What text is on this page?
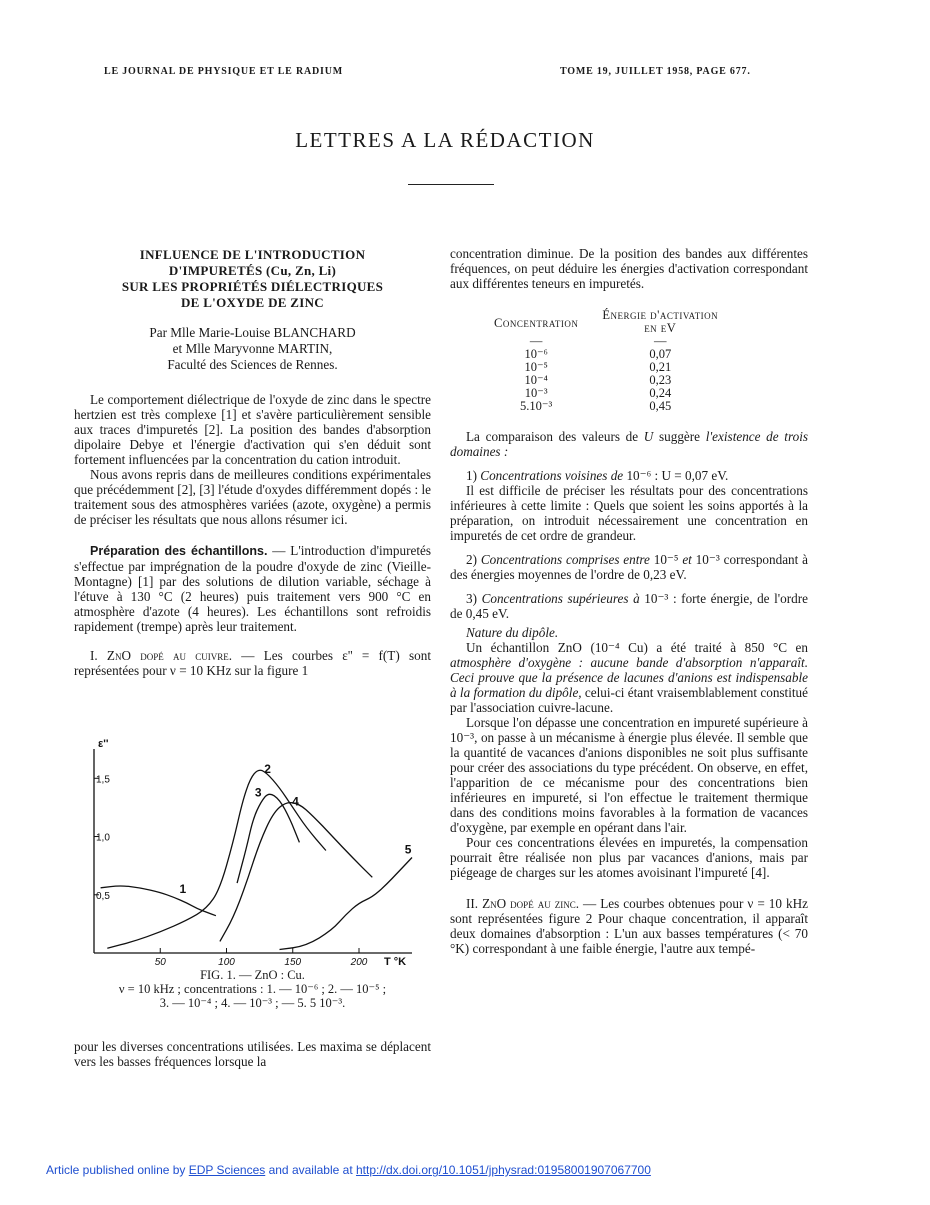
LE JOURNAL DE PHYSIQUE ET LE RADIUM	TOME 19, JUILLET 1958, PAGE 677.
LETTRES A LA RÉDACTION
INFLUENCE DE L'INTRODUCTION
D'IMPURETÉS (Cu, Zn, Li)
SUR LES PROPRIÉTÉS DIÉLECTRIQUES
DE L'OXYDE DE ZINC
Par Mlle Marie-Louise BLANCHARD
et Mlle Maryvonne MARTIN,
Faculté des Sciences de Rennes.

Le comportement diélectrique de l'oxyde de zinc dans le spectre hertzien est très complexe [1] et s'avère particulièrement sensible aux traces d'impuretés [2]. La position des bandes d'absorption dipolaire Debye et l'énergie d'activation qui s'en déduit sont fortement influencées par la concentration du cation introduit.

Nous avons repris dans de meilleures conditions expérimentales que précédemment [2], [3] l'étude d'oxydes différemment dopés : le traitement sous des atmosphères variées (azote, oxygène) a permis de préciser les résultats que nous allons résumer ici.

Préparation des échantillons. — L'introduction d'impuretés s'effectue par imprégnation de la poudre d'oxyde de zinc (Vieille-Montagne) [1] par des solutions de dilution variable, séchage à l'étuve à 130 °C (2 heures) puis traitement vers 900 °C en atmosphère d'azote (4 heures). Les échantillons sont refroidis rapidement (trempe) après leur traitement.

I. ZnO dopé au cuivre. — Les courbes ε'' = f(T) sont représentées pour ν = 10 KHz sur la figure 1

50	100	150	200
0,5
1,0
1,5
ε''
T °K
1
2
3
4
5
FIG. 1. — ZnO : Cu.
ν = 10 kHz ; concentrations : 1. — 10⁻⁶ ; 2. — 10⁻⁵ ;
3. — 10⁻⁴ ; 4. — 10⁻³ ; — 5. 5 10⁻³.

pour les diverses concentrations utilisées. Les maxima se déplacent vers les basses fréquences lorsque la

concentration diminue. De la position des bandes aux différentes fréquences, on peut déduire les énergies d'activation correspondant aux différentes teneurs en impuretés.

Concentration	Énergie d'activation
en eV

—	—
10⁻⁶	0,07
10⁻⁵	0,21
10⁻⁴	0,23
10⁻³	0,24
5.10⁻³	0,45

La comparaison des valeurs de U suggère l'existence de trois domaines :

1) Concentrations voisines de 10⁻⁶ : U = 0,07 eV.

Il est difficile de préciser les résultats pour des concentrations inférieures à cette limite : Quels que soient les soins apportés à la préparation, on introduit nécessairement une concentration en impuretés de cet ordre de grandeur.

2) Concentrations comprises entre 10⁻⁵ et 10⁻³ correspondant à des énergies moyennes de l'ordre de 0,23 eV.

3) Concentrations supérieures à 10⁻³ : forte énergie, de l'ordre de 0,45 eV.

Nature du dipôle.

Un échantillon ZnO (10⁻⁴ Cu) a été traité à 850 °C en atmosphère d'oxygène : aucune bande d'absorption n'apparaît. Ceci prouve que la présence de lacunes d'anions est indispensable à la formation du dipôle, celui-ci étant vraisemblablement constitué par l'association cuivre-lacune.

Lorsque l'on dépasse une concentration en impureté supérieure à 10⁻³, on passe à un mécanisme à énergie plus élevée. Il semble que la quantité de vacances d'anions disponibles ne soit plus suffisante pour créer des associations du type précédent. On observe, en effet, l'apparition de ce mécanisme pour des concentrations bien inférieures en impureté, si l'on effectue le traitement thermique dans des conditions moins favorables à la formation de vacances d'oxygène, par exemple en opérant dans l'air.

Pour ces concentrations élevées en impuretés, la compensation pourrait être réalisée non plus par vacances d'anions, mais par piégeage de charges sur les atomes avoisinant l'impureté [4].

II. ZnO dopé au zinc. — Les courbes obtenues pour ν = 10 kHz sont représentées figure 2 Pour chaque concentration, il apparaît deux domaines d'absorption : L'un aux basses températures (< 70 °K) correspondant à une faible énergie, l'autre aux tempé-

Article published online by EDP Sciences and available at http://dx.doi.org/10.1051/jphysrad:01958001907067700
